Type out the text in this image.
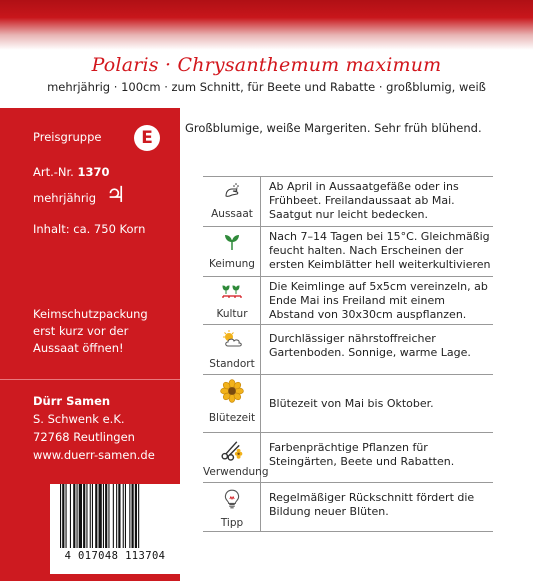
Polaris · Chrysanthemum maximum
mehrjährig · 100cm · zum Schnitt, für Beete und Rabatte · großblumig, weiß
Preisgruppe	E
Art.-Nr. 1370
mehrjährig ♃
Inhalt: ca. 750 Korn
Keimschutzpackung
erst kurz vor der
Aussaat öffnen!
Dürr Samen
S. Schwenk e.K.
72768 Reutlingen
www.duerr-samen.de
4 017048 113704
Großblumige, weiße Margeriten. Sehr früh blühend.
Aussaat
Ab April in Aussaatgefäße oder ins Frühbeet. Freilandaussaat ab Mai. Saatgut nur leicht bedecken.
Keimung
Nach 7–14 Tagen bei 15°C. Gleichmäßig feucht halten. Nach Erscheinen der ersten Keimblätter hell weiterkultivieren
Kultur
Die Keimlinge auf 5x5cm vereinzeln, ab Ende Mai ins Freiland mit einem Abstand von 30x30cm auspflanzen.
Standort
Durchlässiger nährstoffreicher Gartenboden. Sonnige, warme Lage.
Blütezeit
Blütezeit von Mai bis Oktober.
Verwendung
Farbenprächtige Pflanzen für Steingärten, Beete und Rabatten.
Tipp
Regelmäßiger Rückschnitt fördert die Bildung neuer Blüten.
